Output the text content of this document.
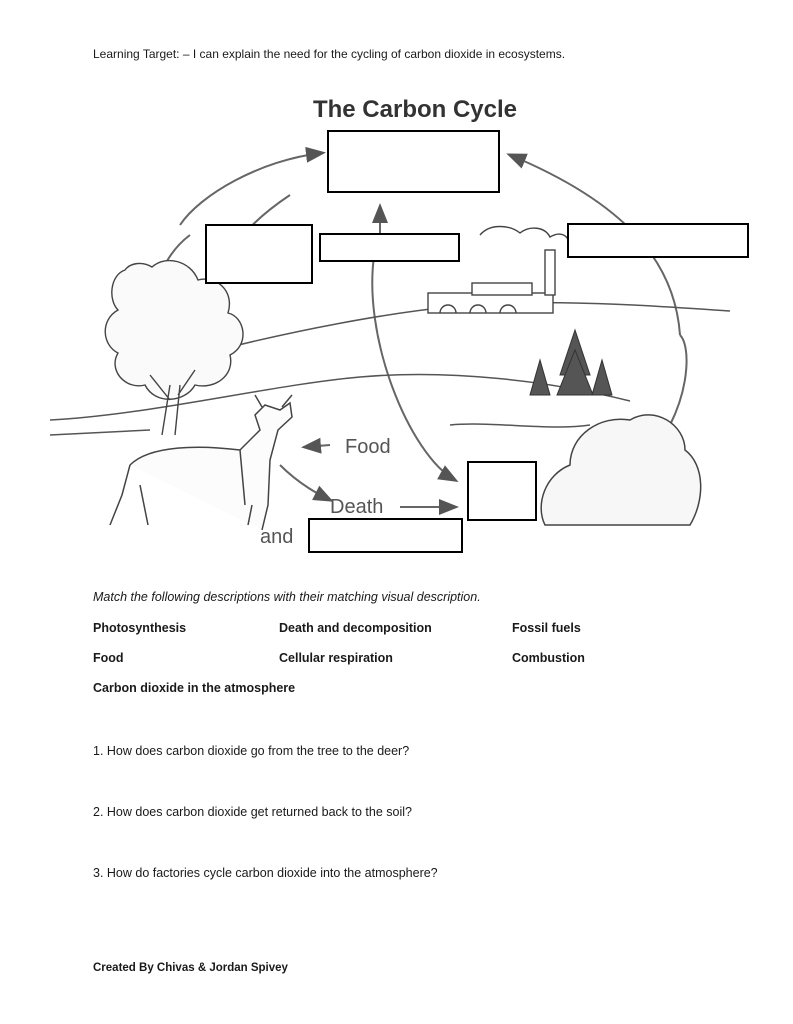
Learning Target: – I can explain the need for the cycling of carbon dioxide in ecosystems.
The Carbon Cycle
Food
Death
and
Match the following descriptions with their matching visual description.
Photosynthesis	Death and decomposition	Fossil fuels
Food	Cellular respiration	Combustion
Carbon dioxide in the atmosphere
1. How does carbon dioxide go from the tree to the deer?
2. How does carbon dioxide get returned back to the soil?
3. How do factories cycle carbon dioxide into the atmosphere?
Created By Chivas & Jordan Spivey
